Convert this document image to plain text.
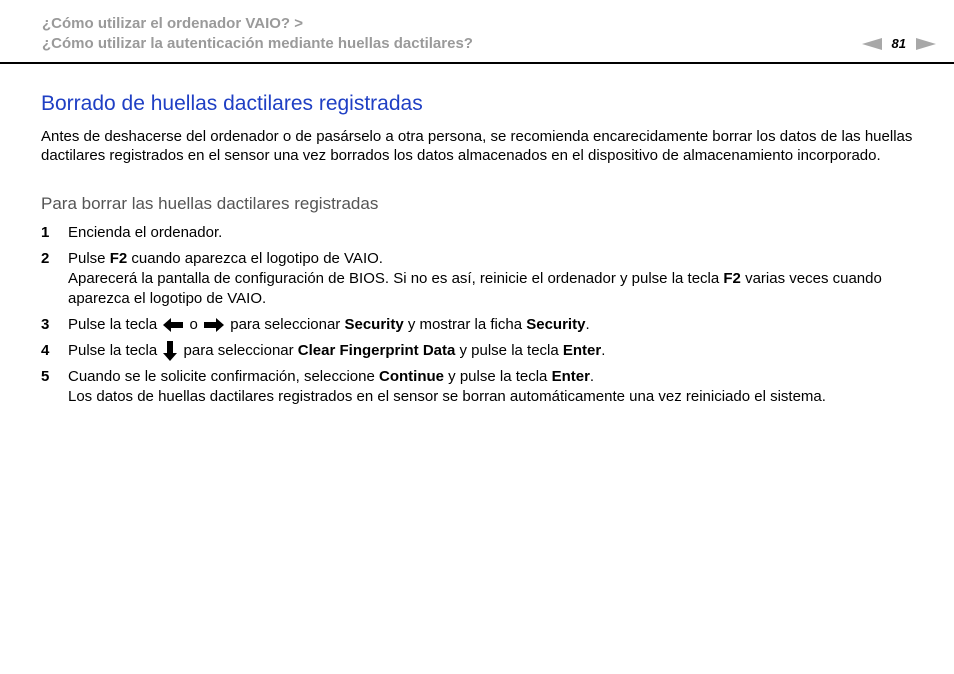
¿Cómo utilizar el ordenador VAIO? >
¿Cómo utilizar la autenticación mediante huellas dactilares?	81
Borrado de huellas dactilares registradas

Antes de deshacerse del ordenador o de pasárselo a otra persona, se recomienda encarecidamente borrar los datos de las huellas dactilares registrados en el sensor una vez borrados los datos almacenados en el dispositivo de almacenamiento incorporado.

Para borrar las huellas dactilares registradas
1	Encienda el ordenador.
2	Pulse F2 cuando aparezca el logotipo de VAIO.
Aparecerá la pantalla de configuración de BIOS. Si no es así, reinicie el ordenador y pulse la tecla F2 varias veces cuando aparezca el logotipo de VAIO.
3	Pulse la tecla  o  para seleccionar Security y mostrar la ficha Security.
4	Pulse la tecla  para seleccionar Clear Fingerprint Data y pulse la tecla Enter.
5	Cuando se le solicite confirmación, seleccione Continue y pulse la tecla Enter.
Los datos de huellas dactilares registrados en el sensor se borran automáticamente una vez reiniciado el sistema.
